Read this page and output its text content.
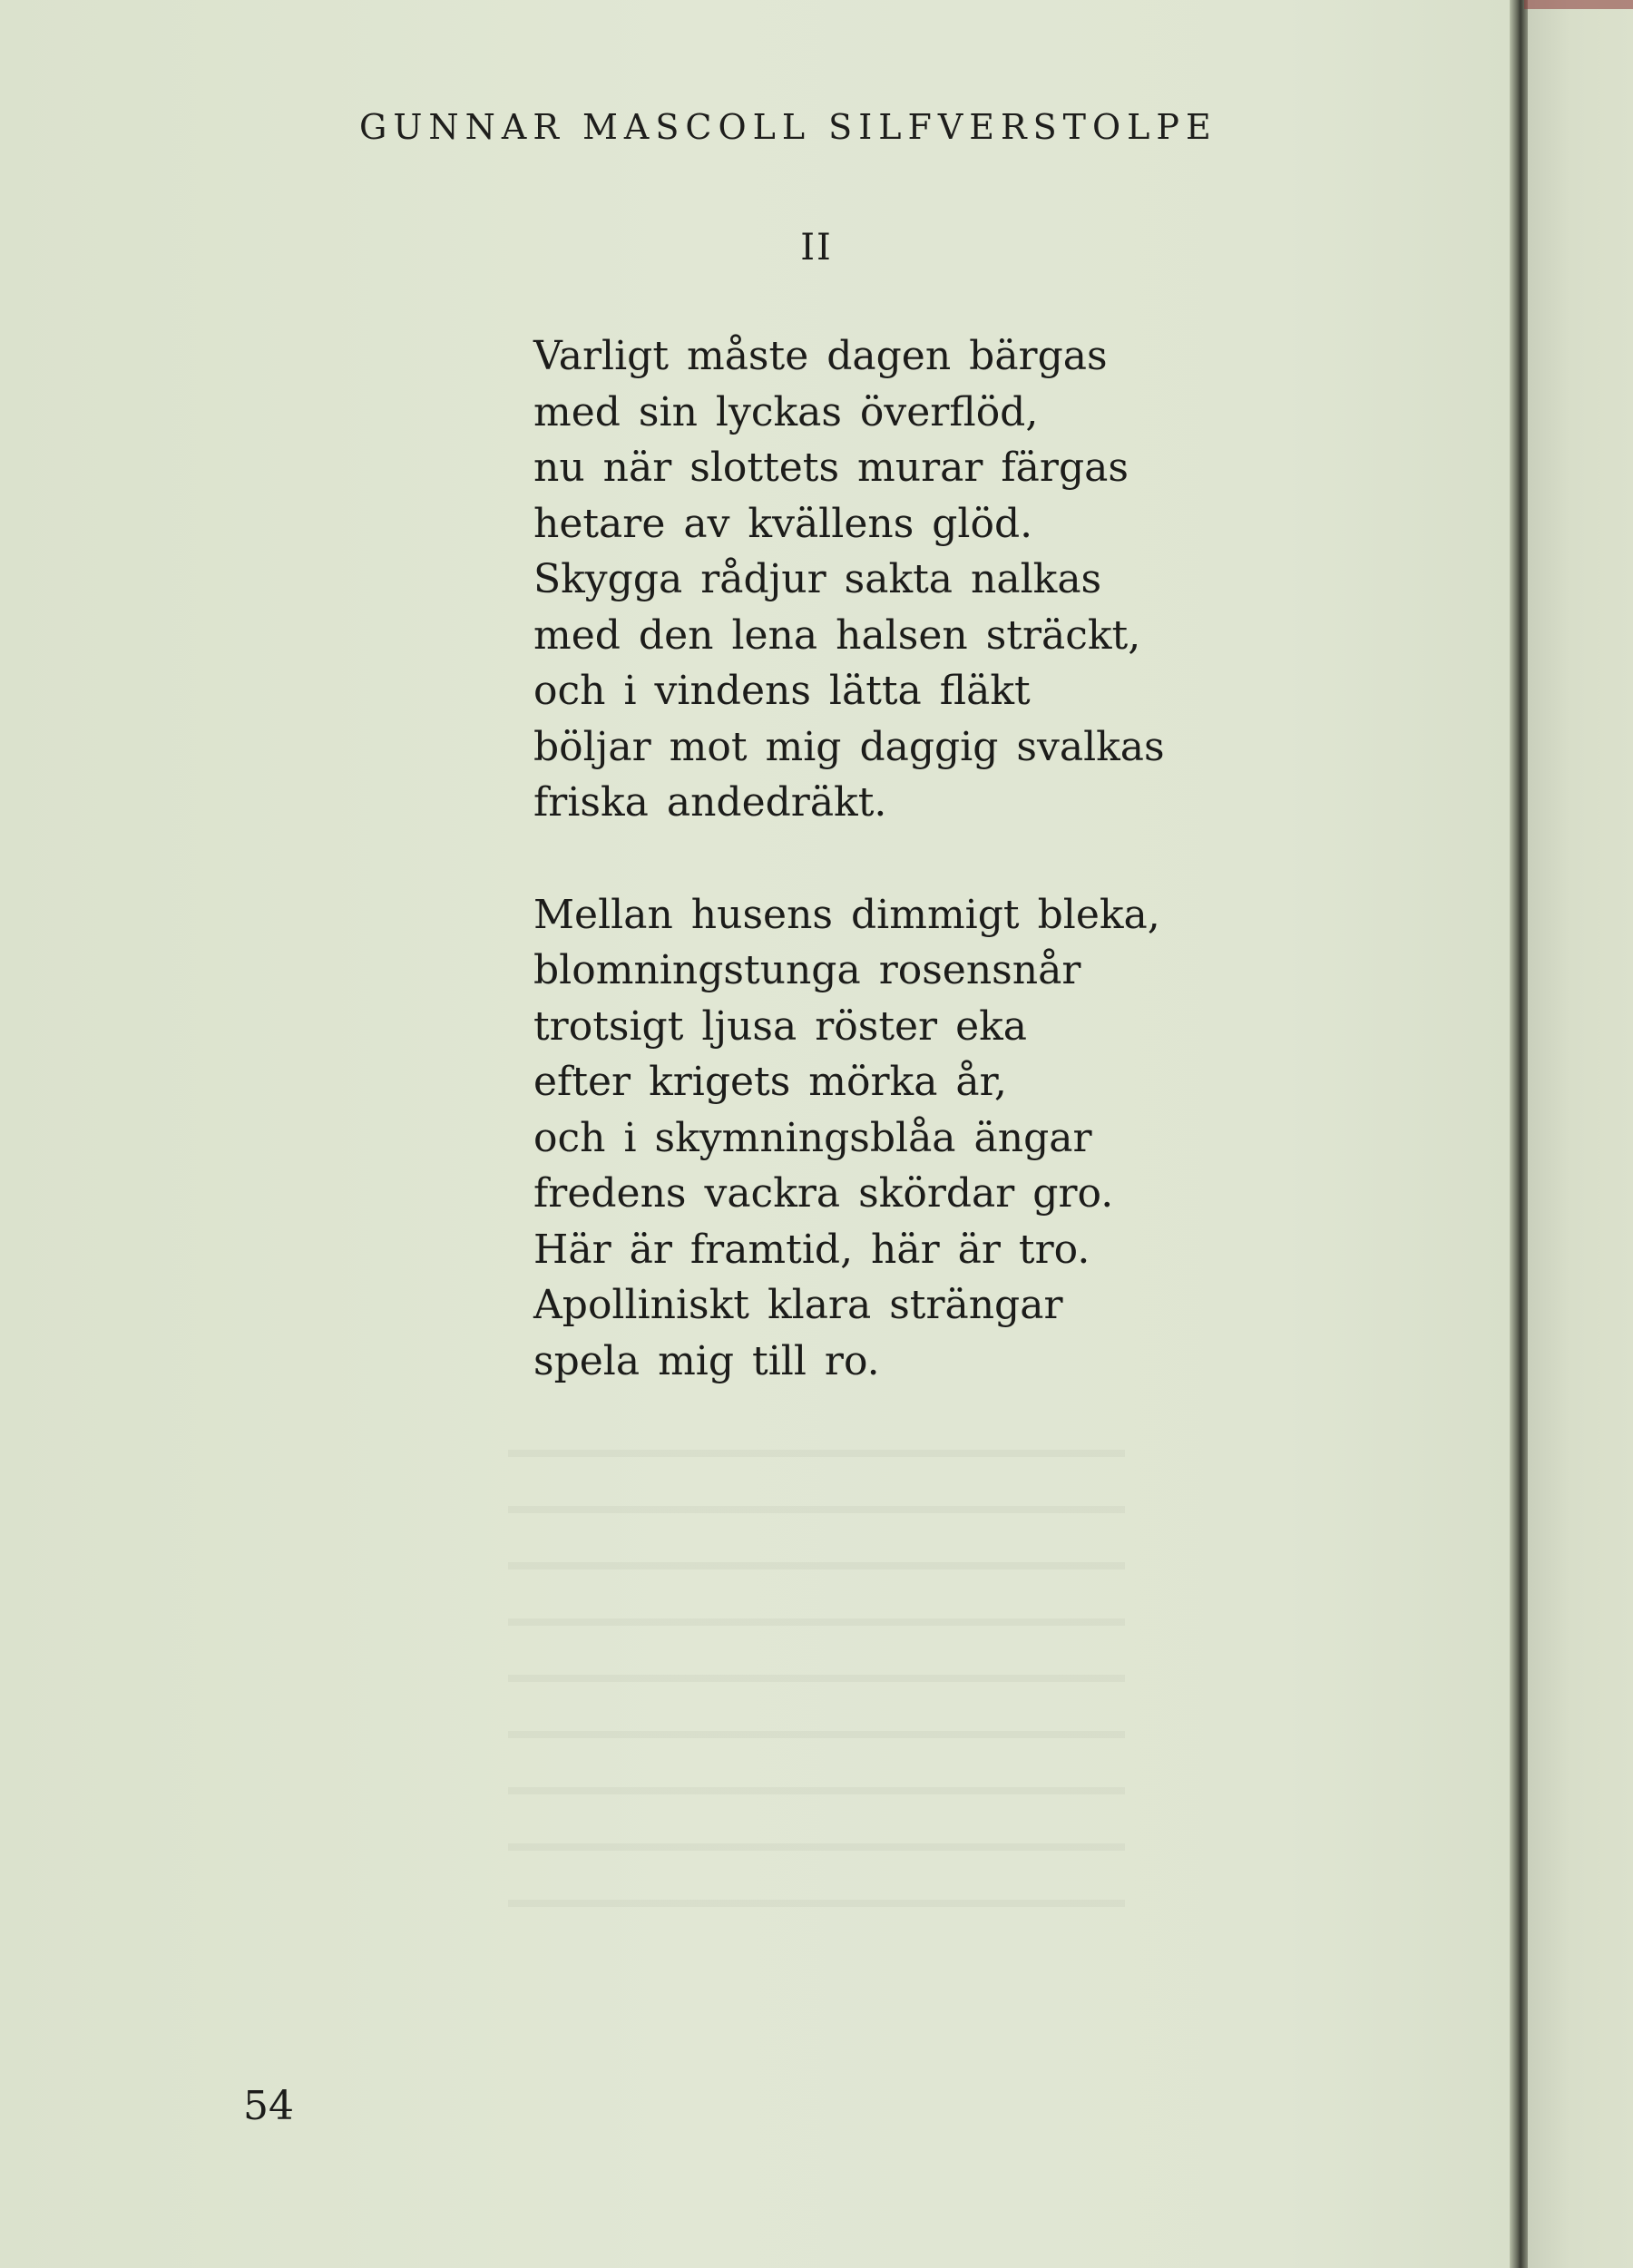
GUNNAR MASCOLL SILFVERSTOLPE
II

Varligt måste dagen bärgas
med sin lyckas överflöd,
nu när slottets murar färgas
hetare av kvällens glöd.
Skygga rådjur sakta nalkas
med den lena halsen sträckt,
och i vindens lätta fläkt
böljar mot mig daggig svalkas
friska andedräkt.

Mellan husens dimmigt bleka,
blomningstunga rosensnår
trotsigt ljusa röster eka
efter krigets mörka år,
och i skymningsblåa ängar
fredens vackra skördar gro.
Här är framtid, här är tro.
Apolliniskt klara strängar
spela mig till ro.

54
